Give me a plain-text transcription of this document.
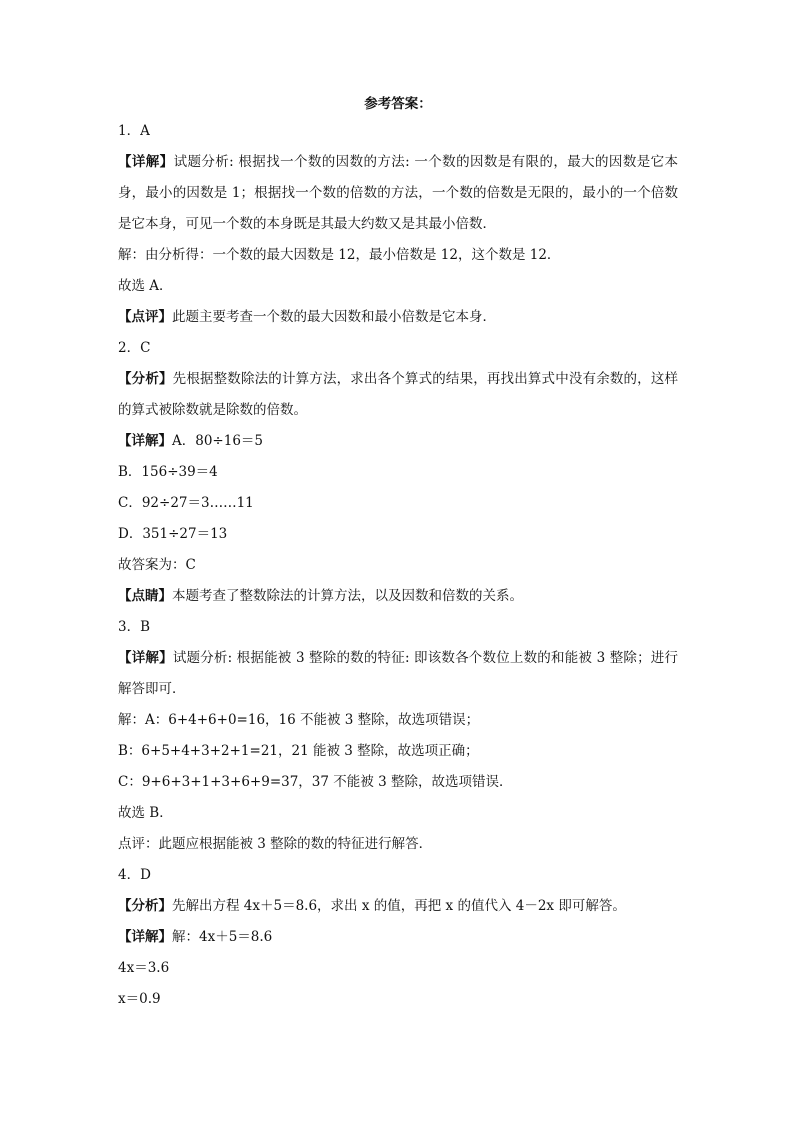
参考答案：

1．A

【详解】试题分析: 根据找一个数的因数的方法: 一个数的因数是有限的，最大的因数是它本身，最小的因数是 1；根据找一个数的倍数的方法，一个数的倍数是无限的，最小的一个倍数是它本身，可见一个数的本身既是其最大约数又是其最小倍数．

解：由分析得：一个数的最大因数是 12，最小倍数是 12，这个数是 12．

故选 A．

【点评】此题主要考查一个数的最大因数和最小倍数是它本身．

2．C

【分析】先根据整数除法的计算方法，求出各个算式的结果，再找出算式中没有余数的，这样的算式被除数就是除数的倍数。

【详解】A．80÷16＝5

B．156÷39＝4

C．92÷27＝3……11

D．351÷27＝13

故答案为：C

【点睛】本题考查了整数除法的计算方法，以及因数和倍数的关系。

3．B

【详解】试题分析: 根据能被 3 整除的数的特征: 即该数各个数位上数的和能被 3 整除；进行解答即可．

解：A：6+4+6+0=16，16 不能被 3 整除，故选项错误；

B：6+5+4+3+2+1=21，21 能被 3 整除，故选项正确；

C：9+6+3+1+3+6+9=37，37 不能被 3 整除，故选项错误．

故选 B．

点评：此题应根据能被 3 整除的数的特征进行解答．

4．D

【分析】先解出方程 4x＋5＝8.6，求出 x 的值，再把 x 的值代入 4－2x 即可解答。

【详解】解：4x＋5＝8.6

4x＝3.6

x＝0.9
